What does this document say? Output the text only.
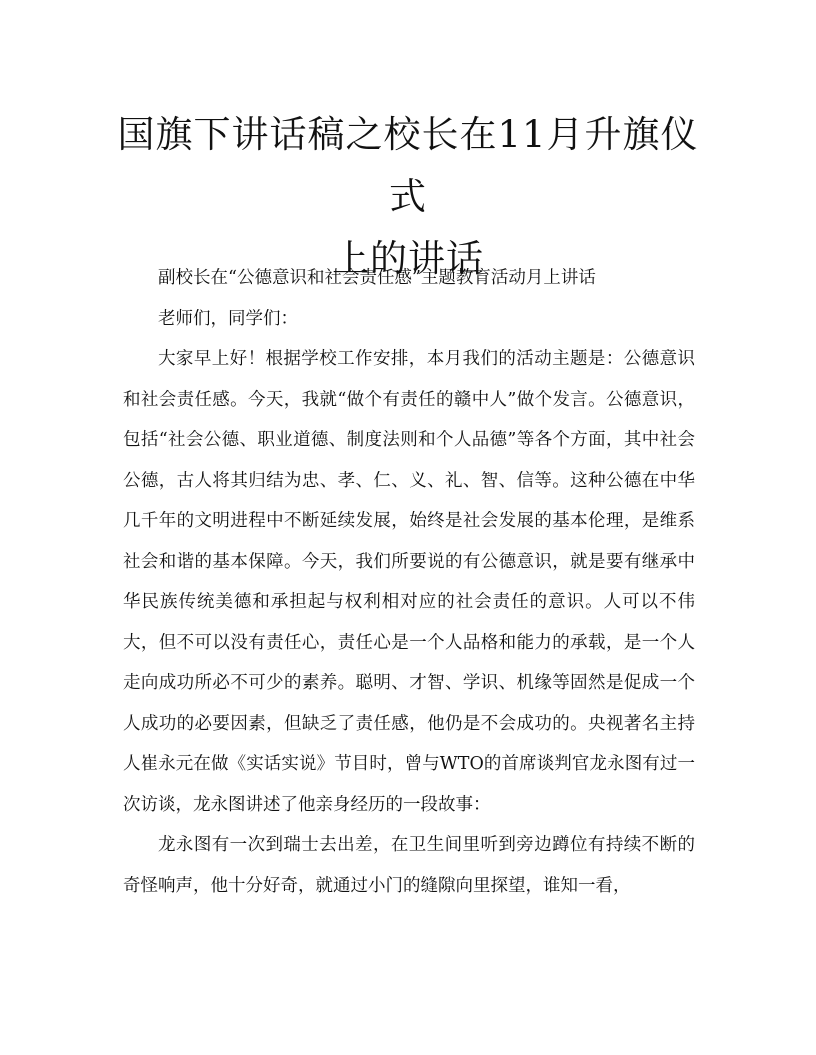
国旗下讲话稿之校长在11月升旗仪式
上的讲话

副校长在“公德意识和社会责任感”主题教育活动月上讲话

老师们，同学们：

大家早上好！根据学校工作安排，本月我们的活动主题是：公德意识和社会责任感。今天，我就“做个有责任的赣中人”做个发言。公德意识，包括“社会公德、职业道德、制度法则和个人品德”等各个方面，其中社会公德，古人将其归结为忠、孝、仁、义、礼、智、信等。这种公德在中华几千年的文明进程中不断延续发展，始终是社会发展的基本伦理，是维系社会和谐的基本保障。今天，我们所要说的有公德意识，就是要有继承中华民族传统美德和承担起与权利相对应的社会责任的意识。人可以不伟大，但不可以没有责任心，责任心是一个人品格和能力的承载，是一个人走向成功所必不可少的素养。聪明、才智、学识、机缘等固然是促成一个人成功的必要因素，但缺乏了责任感，他仍是不会成功的。央视著名主持人崔永元在做《实话实说》节目时，曾与WTO的首席谈判官龙永图有过一次访谈，龙永图讲述了他亲身经历的一段故事：

龙永图有一次到瑞士去出差，在卫生间里听到旁边蹲位有持续不断的奇怪响声，他十分好奇，就通过小门的缝隙向里探望，谁知一看，
